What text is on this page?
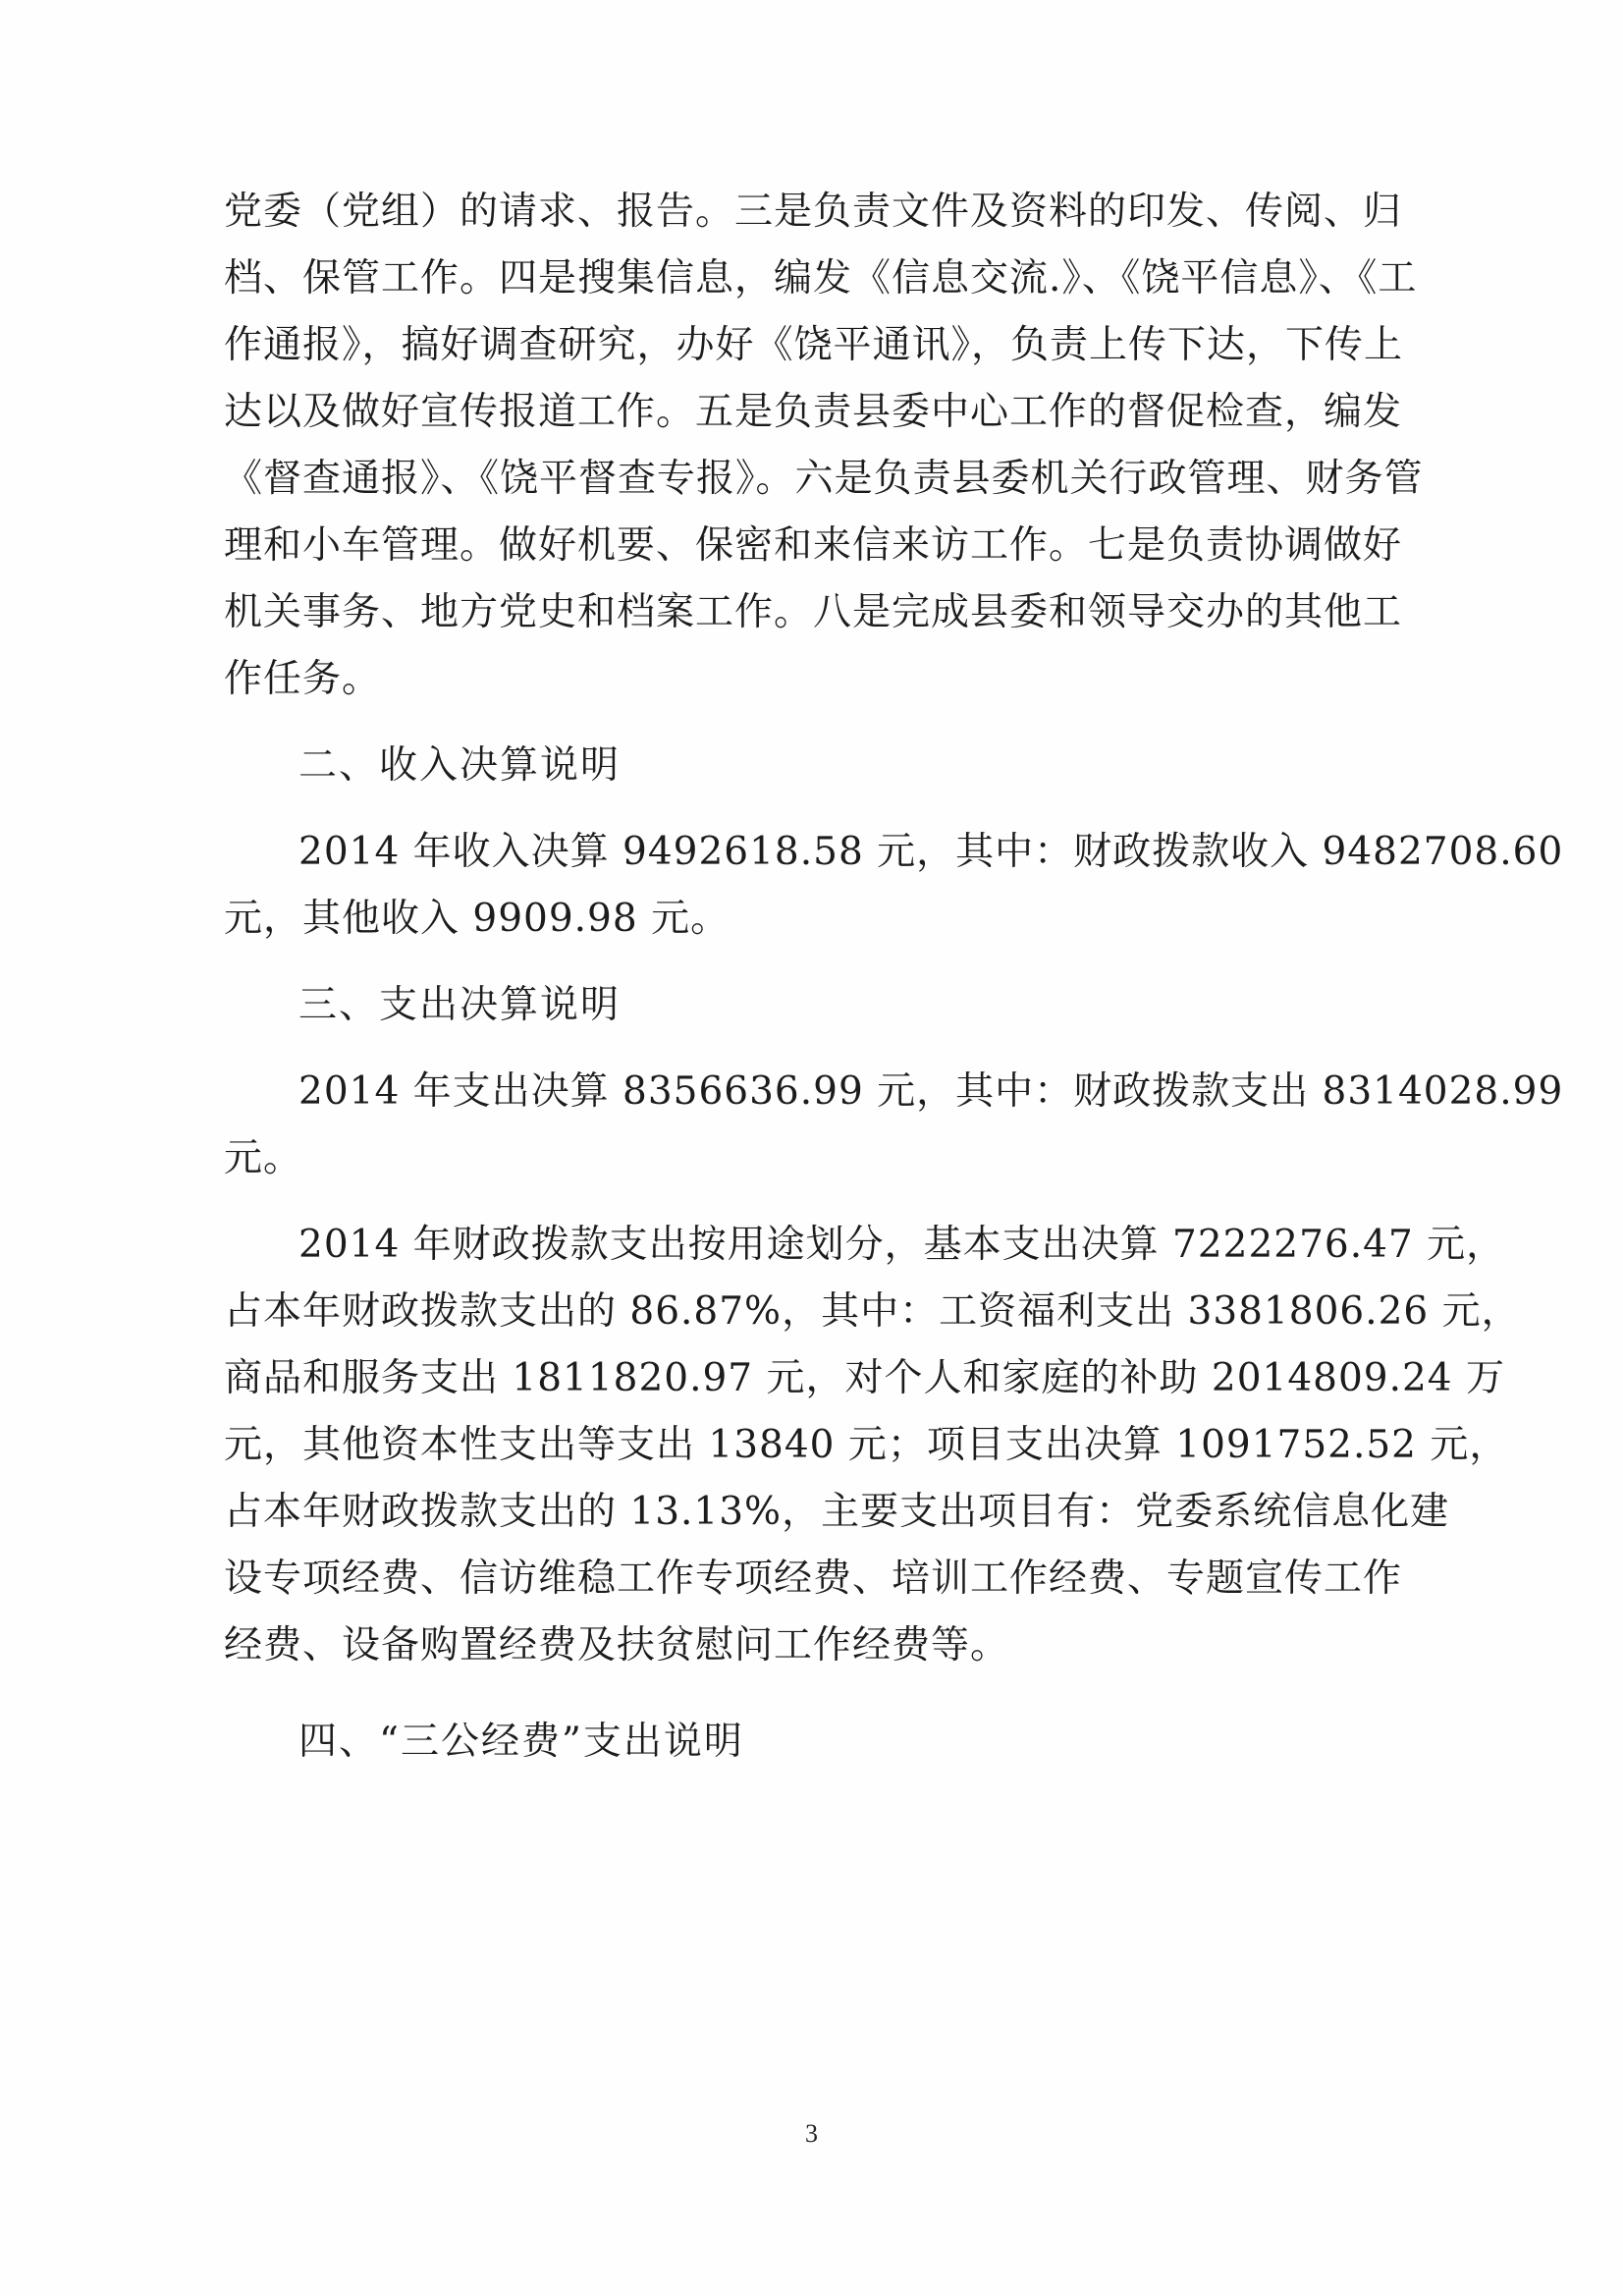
党委（党组）的请求、报告。三是负责文件及资料的印发、传阅、归
档、保管工作。四是搜集信息，编发《信息交流.》、《饶平信息》、《工
作通报》，搞好调查研究，办好《饶平通讯》，负责上传下达，下传上
达以及做好宣传报道工作。五是负责县委中心工作的督促检查，编发
《督查通报》、《饶平督查专报》。六是负责县委机关行政管理、财务管
理和小车管理。做好机要、保密和来信来访工作。七是负责协调做好
机关事务、地方党史和档案工作。八是完成县委和领导交办的其他工
作任务。

二、收入决算说明

2014 年收入决算 9492618.58 元，其中：财政拨款收入 9482708.60
元，其他收入 9909.98 元。

三、支出决算说明

2014 年支出决算 8356636.99 元，其中：财政拨款支出 8314028.99
元。

2014 年财政拨款支出按用途划分，基本支出决算 7222276.47 元，
占本年财政拨款支出的 86.87%，其中：工资福利支出 3381806.26 元，
商品和服务支出 1811820.97 元，对个人和家庭的补助 2014809.24 万
元，其他资本性支出等支出 13840 元；项目支出决算 1091752.52 元，
占本年财政拨款支出的 13.13%，主要支出项目有：党委系统信息化建
设专项经费、信访维稳工作专项经费、培训工作经费、专题宣传工作
经费、设备购置经费及扶贫慰问工作经费等。

四、“三公经费”支出说明
3
